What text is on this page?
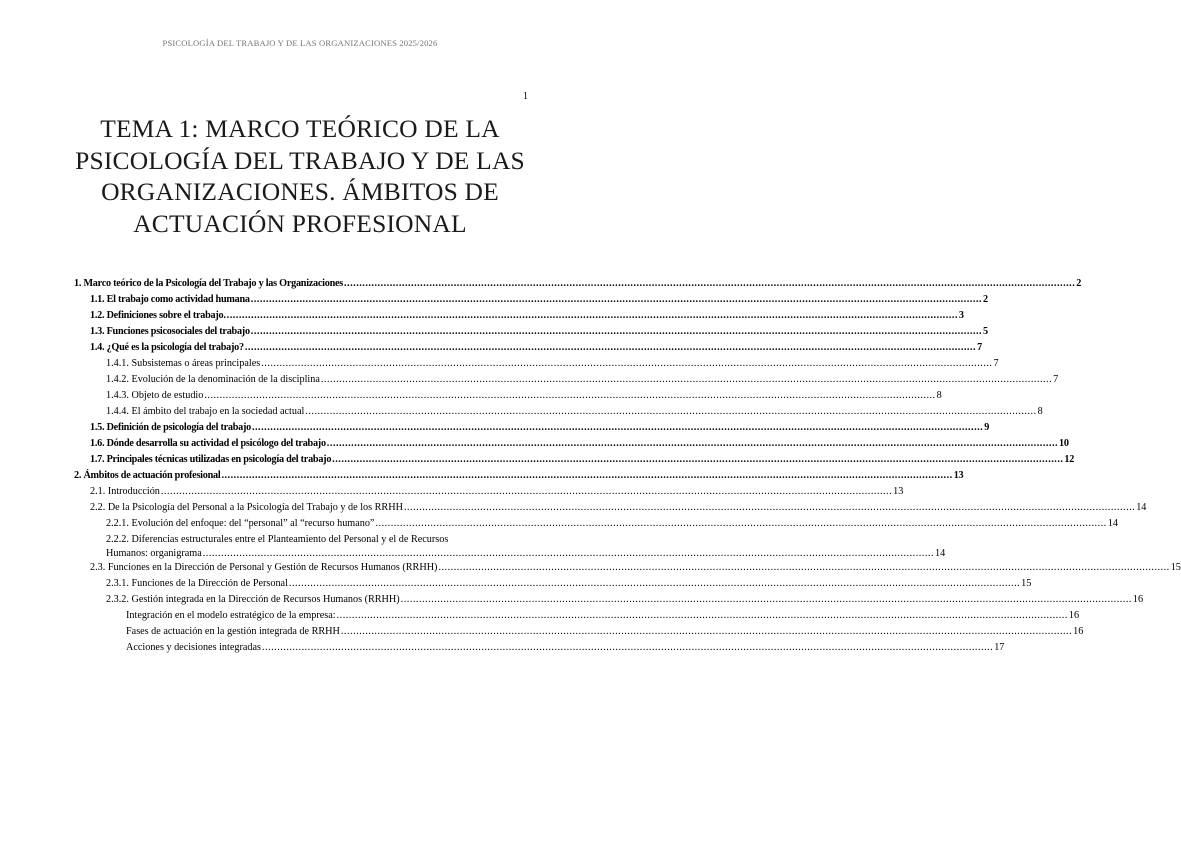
PSICOLOGÍA DEL TRABAJO Y DE LAS ORGANIZACIONES 2025/2026
1
TEMA 1: MARCO TEÓRICO DE LA
PSICOLOGÍA DEL TRABAJO Y DE LAS
ORGANIZACIONES. ÁMBITOS DE
ACTUACIÓN PROFESIONAL
1. Marco teórico de la Psicología del Trabajo y las Organizaciones .....	2
1.1. El trabajo como actividad humana .....	2
1.2. Definiciones sobre el trabajo. .....	3
1.3. Funciones psicosociales del trabajo .....	5
1.4. ¿Qué es la psicología del trabajo? .....	7
1.4.1. Subsistemas o áreas principales .....	7
1.4.2. Evolución de la denominación de la disciplina .....	7
1.4.3. Objeto de estudio .....	8
1.4.4. El ámbito del trabajo en la sociedad actual .....	8
1.5. Definición de psicología del trabajo .....	9
1.6. Dónde desarrolla su actividad el psicólogo del trabajo .....	10
1.7. Principales técnicas utilizadas en psicología del trabajo .....	12
2. Ámbitos de actuación profesional .....	13
2.1. Introducción .....	13
2.2. De la Psicología del Personal a la Psicología del Trabajo y de los RRHH .....	14
2.2.1. Evolución del enfoque: del “personal” al “recurso humano” .....	14
2.2.2. Diferencias estructurales entre el Planteamiento del Personal y el de Recursos
Humanos: organigrama .....	14
2.3. Funciones en la Dirección de Personal y Gestión de Recursos Humanos (RRHH) .....	15
2.3.1. Funciones de la Dirección de Personal .....	15
2.3.2. Gestión integrada en la Dirección de Recursos Humanos (RRHH) .....	16
Integración en el modelo estratégico de la empresa: .....	16
Fases de actuación en la gestión integrada de RRHH .....	16
Acciones y decisiones integradas .....	17
